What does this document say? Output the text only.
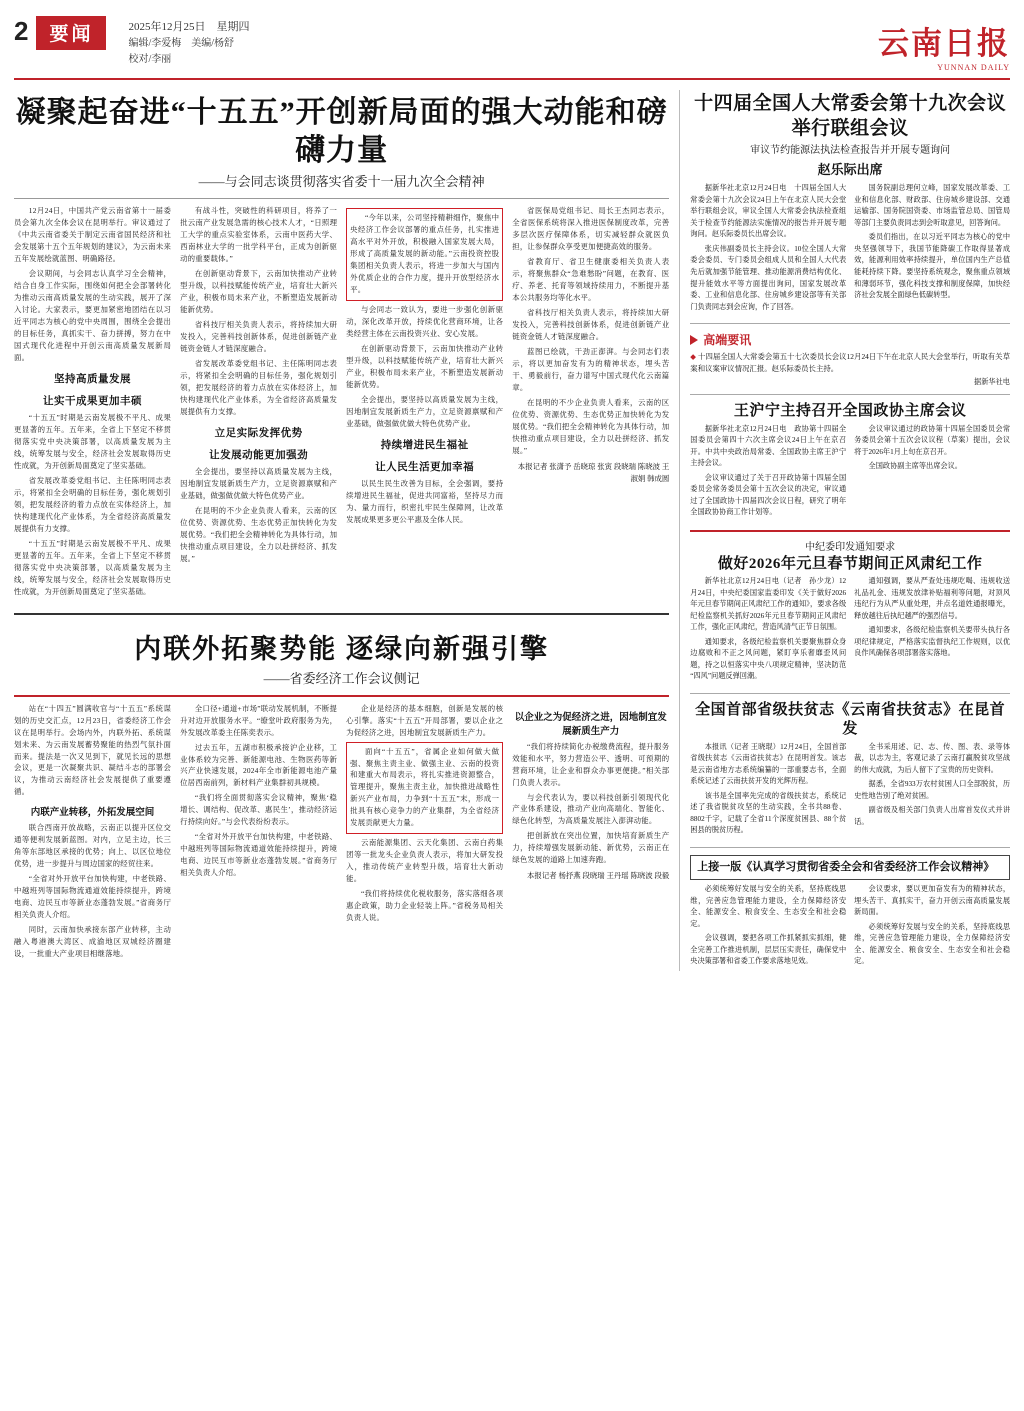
2	要闻	2025年12月25日　星期四
编辑/李爱梅　美编/杨舒
校对/李丽	云南日报
YUNNAN DAILY
凝聚起奋进“十五五”开创新局面的强大动能和磅礴力量
——与会同志谈贯彻落实省委十一届九次全会精神

12月24日，中国共产党云南省第十一届委员会第九次全体会议在昆明举行。审议通过了《中共云南省委关于制定云南省国民经济和社会发展第十五个五年规划的建议》，为云南未来五年发展绘就蓝图、明确路径。

会议期间，与会同志认真学习全会精神，结合自身工作实际，围绕如何把全会部署转化为推动云南高质量发展的生动实践，展开了深入讨论。大家表示，要更加紧密地团结在以习近平同志为核心的党中央周围，围绕全会提出的目标任务，真抓实干、奋力拼搏，努力在中国式现代化进程中开创云南高质量发展新局面。

坚持高质量发展
让实干成果更加丰硕

“十五五”时期是云南发展极不平凡、成果更显著的五年。五年来，全省上下坚定不移贯彻落实党中央决策部署，以高质量发展为主线，统筹发展与安全，经济社会发展取得历史性成就，为开创新局面奠定了坚实基础。

省发展改革委党组书记、主任陈明同志表示，将紧扣全会明确的目标任务，强化规划引领，把发展经济的着力点放在实体经济上，加快构建现代化产业体系，为全省经济高质量发展提供有力支撑。

“十五五”时期是云南发展极不平凡、成果更显著的五年。五年来，全省上下坚定不移贯彻落实党中央决策部署，以高质量发展为主线，统筹发展与安全，经济社会发展取得历史性成就，为开创新局面奠定了坚实基础。

有战斗性，突破性的科研项目，将养了一批云南产业发展急需的核心技术人才，“日照理工大学的重点实验室体系，云南中医药大学、西南林业大学的一批学科平台，正成为创新驱动的重要载体。”

在创新驱动背景下，云南加快推动产业转型升级，以科技赋能传统产业，培育壮大新兴产业，积极布局未来产业，不断塑造发展新动能新优势。

省科技厅相关负责人表示，将持续加大研发投入，完善科技创新体系，促进创新链产业链资金链人才链深度融合。

省发展改革委党组书记、主任陈明同志表示，将紧扣全会明确的目标任务，强化规划引领，把发展经济的着力点放在实体经济上，加快构建现代化产业体系，为全省经济高质量发展提供有力支撑。

立足实际发挥优势
让发展动能更加强劲

全会提出，要坚持以高质量发展为主线，因地制宜发展新质生产力，立足资源禀赋和产业基础，做强做优做大特色优势产业。

在昆明的不少企业负责人看来，云南的区位优势、资源优势、生态优势正加快转化为发展优势。“我们把全会精神转化为具体行动，加快推动重点项目建设，全力以赴拼经济、抓发展。”

“今年以来，公司坚持精耕细作，聚焦中央经济工作会议部署的重点任务，扎实推进高水平对外开放，积极融入国家发展大局，形成了高质量发展的新动能。”云南投资控股集团相关负责人表示，将进一步加大与国内外优质企业的合作力度，提升开放型经济水平。

与会同志一致认为，要进一步强化创新驱动，深化改革开放，持续优化营商环境，让各类经营主体在云南投资兴业、安心发展。

在创新驱动背景下，云南加快推动产业转型升级，以科技赋能传统产业，培育壮大新兴产业，积极布局未来产业，不断塑造发展新动能新优势。

全会提出，要坚持以高质量发展为主线，因地制宜发展新质生产力，立足资源禀赋和产业基础，做强做优做大特色优势产业。

持续增进民生福祉
让人民生活更加幸福

以民生民生改善为目标，全会强调，要持续增进民生福祉，促进共同富裕，坚持尽力而为、量力而行，织密扎牢民生保障网，让改革发展成果更多更公平惠及全体人民。

省医保局党组书记、局长王杰同志表示，全省医保系统将深入推进医保制度改革，完善多层次医疗保障体系，切实减轻群众就医负担，让参保群众享受更加便捷高效的服务。

省教育厅、省卫生健康委相关负责人表示，将聚焦群众“急难愁盼”问题，在教育、医疗、养老、托育等领域持续用力，不断提升基本公共服务均等化水平。

省科技厅相关负责人表示，将持续加大研发投入，完善科技创新体系，促进创新链产业链资金链人才链深度融合。

蓝图已绘就，干劲正澎湃。与会同志们表示，将以更加奋发有为的精神状态，埋头苦干、勇毅前行，奋力谱写中国式现代化云南篇章。

在昆明的不少企业负责人看来，云南的区位优势、资源优势、生态优势正加快转化为发展优势。“我们把全会精神转化为具体行动，加快推动重点项目建设，全力以赴拼经济、抓发展。”

本报记者 张潇予 岳晓琼 张寅 段晓瑞 陈晓波 王淑娟 韩成圆
内联外拓聚势能 逐绿向新强引擎
——省委经济工作会议侧记

站在“十四五”圆满收官与“十五五”系统谋划的历史交汇点，12月23日，省委经济工作会议在昆明举行。会场内外，内联外拓、系统谋划未来、为云南发展蓄势聚能的热烈气氛扑面而来。提法是一次又见到下，就见长远的思想会议，更是一次凝聚共识、凝结斗志的部署会议，为推动云南经济社会发展提供了重要遵循。

内联产业转移，外拓发展空间

联合西南开放战略，云南正以提升区位交通等便利发展新蓝图。对内，立足主边，长三角等东部地区承接的优势；向上、以区位地位优势，进一步提升与周边国家的经贸往来。

“全省对外开放平台加快构建，中老铁路、中越班列等国际物流通道效能持续提升，跨境电商、边民互市等新业态蓬勃发展。”省商务厅相关负责人介绍。

同时，云南加快承接东部产业转移，主动融入粤港澳大湾区、成渝地区双城经济圈建设，一批重大产业项目相继落地。

全口径+通道+市场”联动发展机制，不断提升对边开放服务水平。“缭堂叶政府服务为先，外发展改革委主任陈奕表示。

过去五年，五湖市积极承接沪企业移，工业体系较为完善、新能源电池、生物医药等新兴产业快速发展，2024年全市新能源电池产量位居西南前列，新材料产业集群初具规模。

“我们将全面贯彻落实会议精神，聚焦‘稳增长、调结构、促改革、惠民生’，推动经济运行持续向好。”与会代表纷纷表示。

“全省对外开放平台加快构建，中老铁路、中越班列等国际物流通道效能持续提升，跨境电商、边民互市等新业态蓬勃发展。”省商务厅相关负责人介绍。

企业是经济的基本细胞，创新是发展的核心引擎。落实“十五五”开局部署，要以企业之为促经济之进，因地制宜发展新质生产力。

面向“十五五”，省属企业如何做大做强、聚焦主责主业、做强主业、云南的投资和建重大布局表示，将扎实推进资源整合，管理提升，聚焦主责主业，加快推进战略性新兴产业布局，力争到“十五五”末，形成一批具有核心竞争力的产业集群，为全省经济发展贡献更大力量。

云南能源集团、云天化集团、云南白药集团等一批龙头企业负责人表示，将加大研发投入，推动传统产业转型升级，培育壮大新动能。

“我们将持续优化税收服务，落实落细各项惠企政策，助力企业轻装上阵。”省税务局相关负责人说。

以企业之为促经济之进，因地制宜发展新质生产力

“我们将持续简化办税缴费流程，提升服务效能和水平，努力营造公平、透明、可预期的营商环境，让企业和群众办事更便捷。”相关部门负责人表示。

与会代表认为，要以科技创新引领现代化产业体系建设，推动产业向高端化、智能化、绿色化转型，为高质量发展注入澎湃动能。

把创新放在突出位置，加快培育新质生产力，持续增强发展新动能、新优势，云南正在绿色发展的道路上加速奔跑。

本报记者 杨抒燕 段晓瑞 王丹瑶 陈晓波 段毅
十四届全国人大常委会第十九次会议举行联组会议
审议节约能源法执法检查报告并开展专题询问
赵乐际出席

据新华社北京12月24日电　十四届全国人大常委会第十九次会议24日上午在北京人民大会堂举行联组会议，审议全国人大常委会执法检查组关于检查节约能源法实施情况的报告并开展专题询问。赵乐际委员长出席会议。

张庆伟副委员长主持会议。10位全国人大常委会委员、专门委员会组成人员和全国人大代表先后就加强节能管理、推动能源消费结构优化、提升能效水平等方面提出询问，国家发展改革委、工业和信息化部、住房城乡建设部等有关部门负责同志到会应询，作了回答。

国务院副总理何立峰，国家发展改革委、工业和信息化部、财政部、住房城乡建设部、交通运输部、国务院国资委、市场监管总局、国管局等部门主要负责同志到会听取意见，回答询问。

委员们指出，在以习近平同志为核心的党中央坚强领导下，我国节能降碳工作取得显著成效，能源利用效率持续提升，单位国内生产总值能耗持续下降。要坚持系统观念，聚焦重点领域和薄弱环节，强化科技支撑和制度保障，加快经济社会发展全面绿色低碳转型。

高端要讯

◆ 十四届全国人大常委会第五十七次委员长会议12月24日下午在北京人民大会堂举行，听取有关草案和议案审议情况汇报。赵乐际委员长主持。

据新华社电
王沪宁主持召开全国政协主席会议

据新华社北京12月24日电　政协第十四届全国委员会第四十六次主席会议24日上午在京召开。中共中央政治局常委、全国政协主席王沪宁主持会议。

会议审议通过了关于召开政协第十四届全国委员会常务委员会第十五次会议的决定，审议通过了全国政协十四届四次会议日程，研究了明年全国政协协商工作计划等。

会议审议通过的政协第十四届全国委员会常务委员会第十五次会议议程（草案）提出，会议将于2026年1月上旬在京召开。

全国政协副主席等出席会议。

中纪委印发通知要求
做好2026年元旦春节期间正风肃纪工作

新华社北京12月24日电（记者　孙少龙）12月24日，中央纪委国家监委印发《关于做好2026年元旦春节期间正风肃纪工作的通知》，要求各级纪检监察机关抓好2026年元旦春节期间正风肃纪工作，强化正风肃纪，营造风清气正节日氛围。

通知要求，各级纪检监察机关要聚焦群众身边腐败和不正之风问题，紧盯享乐奢靡歪风问题，持之以恒落实中央八项规定精神，坚决防范“四风”问题反弹回潮。

通知强调，要从严查处违规吃喝、违规收送礼品礼金、违规发放津补贴福利等问题，对顶风违纪行为从严从重处理，并点名道姓通报曝光，释放越往后执纪越严的强烈信号。

通知要求，各级纪检监察机关要带头执行各项纪律规定，严格落实监督执纪工作规则，以优良作风确保各项部署落实落地。

全国首部省级扶贫志《云南省扶贫志》在昆首发

本报讯（记者 王晓琨）12月24日，全国首部省级扶贫志《云南省扶贫志》在昆明首发。该志是云南省地方志系统编纂的一部重要志书，全面系统记述了云南扶贫开发的光辉历程。

该书是全国率先完成的省级扶贫志，系统记述了我省脱贫攻坚的生动实践，全书共88卷、8802千字，记载了全省11个深度贫困县、88个贫困县的脱贫历程。

全书采用述、记、志、传、图、表、录等体裁，以志为主，客观记录了云南打赢脱贫攻坚战的伟大成就，为后人留下了宝贵的历史资料。

据悉，全省933万农村贫困人口全部脱贫，历史性地告别了绝对贫困。

副省级及相关部门负责人出席首发仪式并讲话。

上接一版《认真学习贯彻省委全会和省委经济工作会议精神》

必须统筹好发展与安全的关系，坚持底线思维，完善应急管理能力建设，全力保障经济安全、能源安全、粮食安全、生态安全和社会稳定。

会议强调，要把各项工作抓紧抓实抓细，健全完善工作推进机制，层层压实责任，确保党中央决策部署和省委工作要求落地见效。

会议要求，要以更加奋发有为的精神状态，埋头苦干、真抓实干，奋力开创云南高质量发展新局面。

必须统筹好发展与安全的关系，坚持底线思维，完善应急管理能力建设，全力保障经济安全、能源安全、粮食安全、生态安全和社会稳定。
